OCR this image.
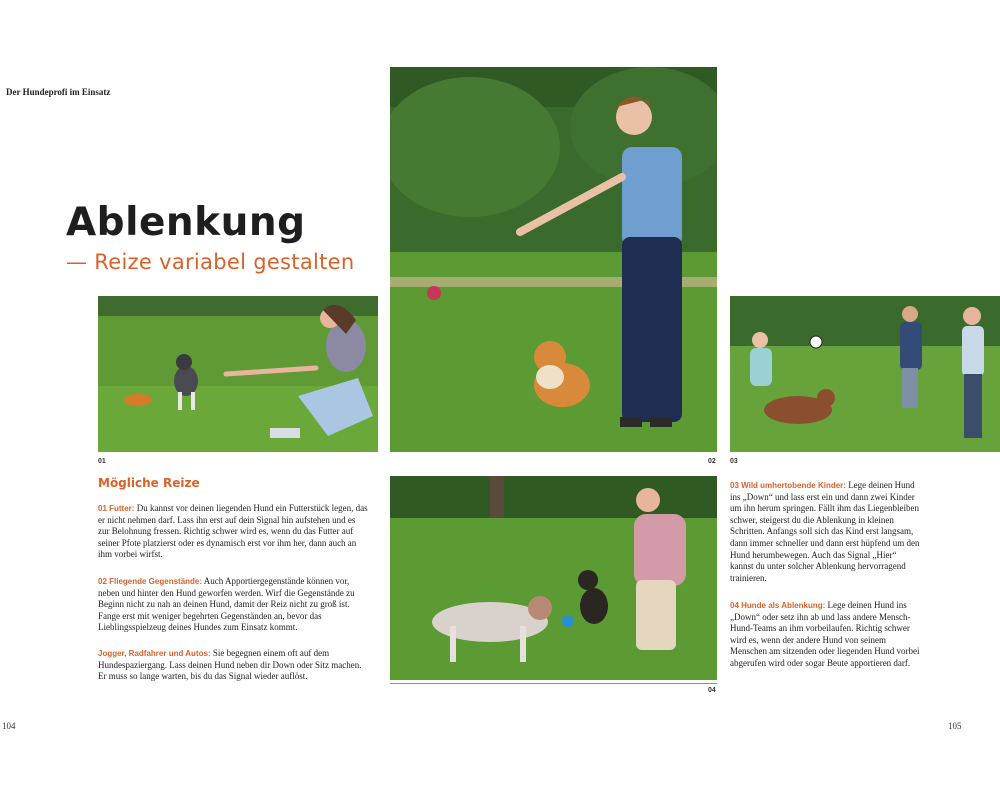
Der Hundeprofi im Einsatz
Ablenkung
— Reize variabel gestalten
01	02 03
04
Mögliche Reize
01 Futter: Du kannst vor deinen liegenden Hund ein Futterstück legen, das er nicht nehmen darf. Lass ihn erst auf dein Signal hin aufstehen und es zur Belohnung fressen. Richtig schwer wird es, wenn du das Futter auf seiner Pfote platzierst oder es dynamisch erst vor ihm her, dann auch an ihm vorbei wirfst.
02 Fliegende Gegenstände: Auch Apportiergegenstände können vor, neben und hinter den Hund geworfen werden. Wirf die Gegenstände zu Beginn nicht zu nah an deinen Hund, damit der Reiz nicht zu groß ist. Fange erst mit weniger begehrten Gegenständen an, bevor das Lieblingsspielzeug deines Hundes zum Einsatz kommt.
Jogger, Radfahrer und Autos: Sie begegnen einem oft auf dem Hundespaziergang. Lass deinen Hund neben dir Down oder Sitz machen. Er muss so lange warten, bis du das Signal wieder auflöst.
03 Wild umhertobende Kinder: Lege deinen Hund ins „Down“ und lass erst ein und dann zwei Kinder um ihn herum springen. Fällt ihm das Liegenbleiben schwer, steigerst du die Ablenkung in kleinen Schritten. Anfangs soll sich das Kind erst langsam, dann immer schneller und dann erst hüpfend um den Hund herumbewegen. Auch das Signal „Hier“ kannst du unter solcher Ablenkung hervorragend trainieren.
04 Hunde als Ablenkung: Lege deinen Hund ins „Down“ oder setz ihn ab und lass andere Mensch-Hund-Teams an ihm vorbeilaufen. Richtig schwer wird es, wenn der andere Hund von seinem Menschen am sitzenden oder liegenden Hund vorbei abgerufen wird oder sogar Beute apportieren darf.
104	105
